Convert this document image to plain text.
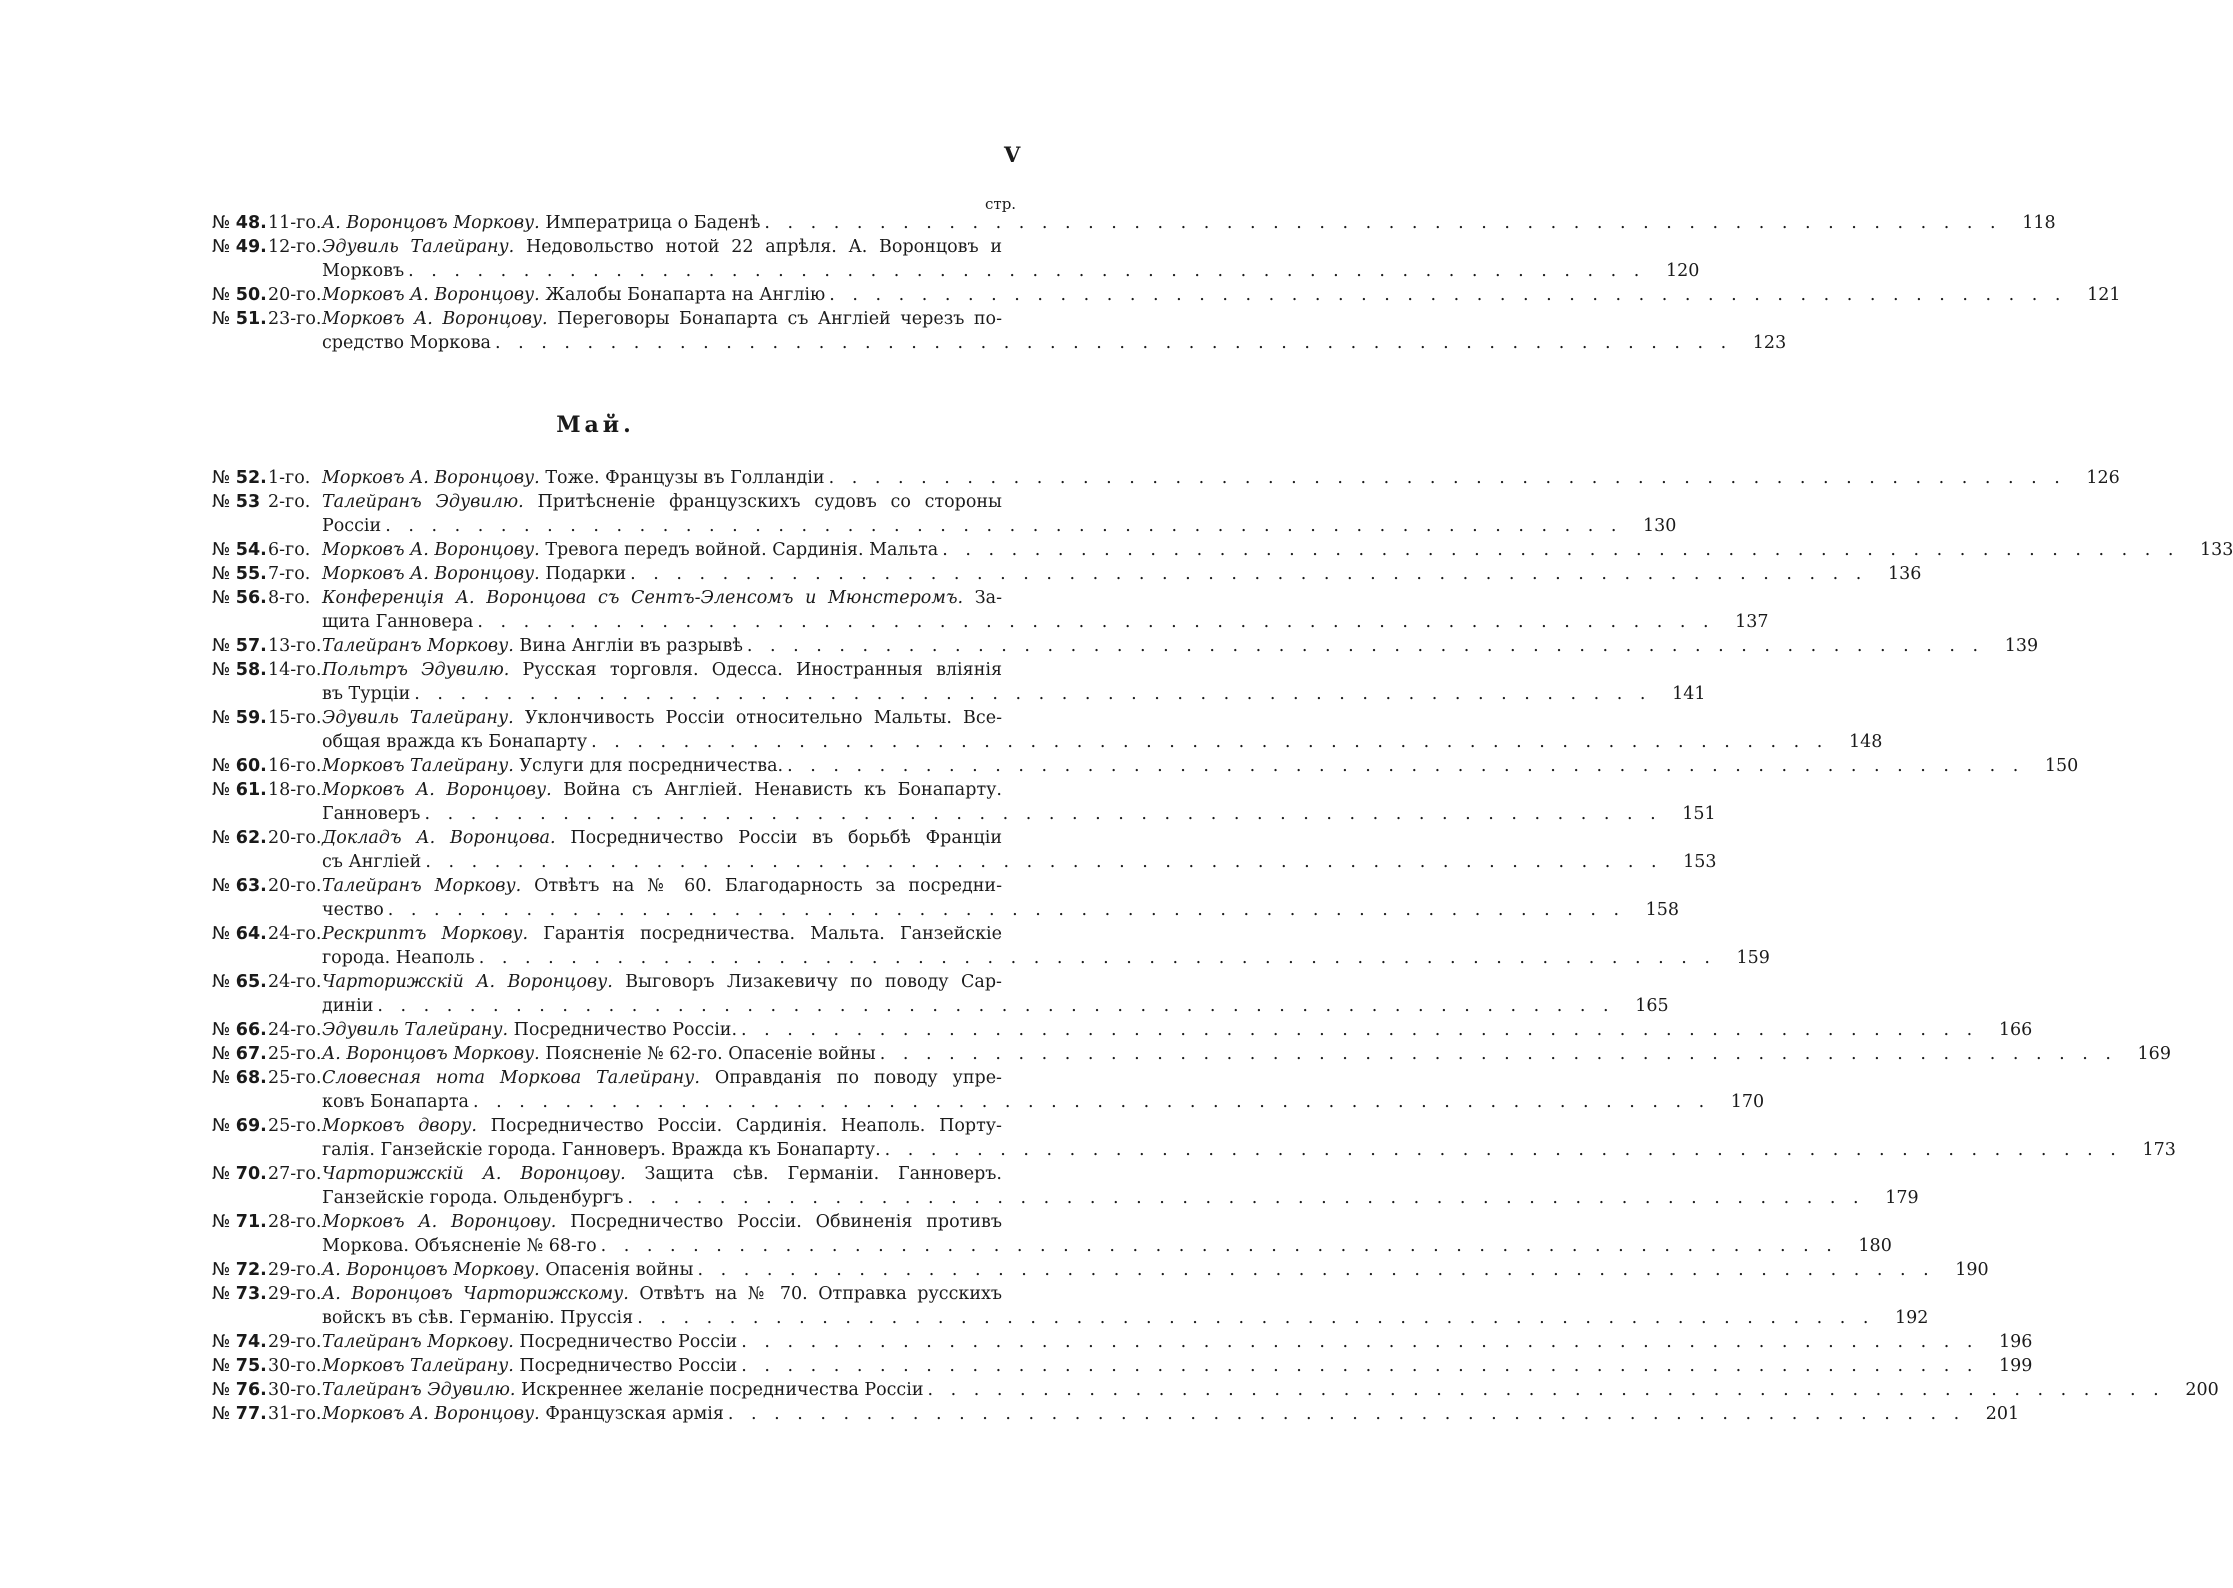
V
стр.
№ 48. 11-го. А. Воронцовъ Моркову. Императрица о Баденѣ . . . . . . . . . . . . . . . . . . . . . . . . . . . . . . . . . . . . . . . . . . . . . . . . . . . . . .	118
№ 49. 12-го. Эдувиль Талейрану. Недовольство нотой 22 апрѣля. А. Воронцовъ и
Морковъ . . . . . . . . . . . . . . . . . . . . . . . . . . . . . . . . . . . . . . . . . . . . . . . . . . . . . .	120
№ 50. 20-го. Морковъ А. Воронцову. Жалобы Бонапарта на Англію . . . . . . . . . . . . . . . . . . . . . . . . . . . . . . . . . . . . . . . . . . . . . . . . . . . . . .	121
№ 51. 23-го. Морковъ А. Воронцову. Переговоры Бонапарта съ Англіей черезъ по-
средство Моркова . . . . . . . . . . . . . . . . . . . . . . . . . . . . . . . . . . . . . . . . . . . . . . . . . . . . . .	123
Май.
№ 52. 1-го. Морковъ А. Воронцову. Тоже. Французы въ Голландіи . . . . . . . . . . . . . . . . . . . . . . . . . . . . . . . . . . . . . . . . . . . . . . . . . . . . . .	126
№ 53 2-го. Талейранъ Эдувилю. Притѣсненіе французскихъ судовъ со стороны
Россіи . . . . . . . . . . . . . . . . . . . . . . . . . . . . . . . . . . . . . . . . . . . . . . . . . . . . . .	130
№ 54. 6-го. Морковъ А. Воронцову. Тревога передъ войной. Сардинія. Мальта . . . . . . . . . . . . . . . . . . . . . . . . . . . . . . . . . . . . . . . . . . . . . . . . . . . . . .	133
№ 55. 7-го. Морковъ А. Воронцову. Подарки . . . . . . . . . . . . . . . . . . . . . . . . . . . . . . . . . . . . . . . . . . . . . . . . . . . . . .	136
№ 56. 8-го. Конференція А. Воронцова съ Сентъ-Эленсомъ и Мюнстеромъ. За-
щита Ганновера . . . . . . . . . . . . . . . . . . . . . . . . . . . . . . . . . . . . . . . . . . . . . . . . . . . . . .	137
№ 57. 13-го. Талейранъ Моркову. Вина Англіи въ разрывѣ . . . . . . . . . . . . . . . . . . . . . . . . . . . . . . . . . . . . . . . . . . . . . . . . . . . . . .	139
№ 58. 14-го. Польтръ Эдувилю. Русская торговля. Одесса. Иностранныя вліянія
въ Турціи . . . . . . . . . . . . . . . . . . . . . . . . . . . . . . . . . . . . . . . . . . . . . . . . . . . . . .	141
№ 59. 15-го. Эдувиль Талейрану. Уклончивость Россіи относительно Мальты. Все-
общая вражда къ Бонапарту . . . . . . . . . . . . . . . . . . . . . . . . . . . . . . . . . . . . . . . . . . . . . . . . . . . . . .	148
№ 60. 16-го. Морковъ Талейрану. Услуги для посредничества. . . . . . . . . . . . . . . . . . . . . . . . . . . . . . . . . . . . . . . . . . . . . . . . . . . . . . .	150
№ 61. 18-го. Морковъ А. Воронцову. Война съ Англіей. Ненависть къ Бонапарту.
Ганноверъ . . . . . . . . . . . . . . . . . . . . . . . . . . . . . . . . . . . . . . . . . . . . . . . . . . . . . .	151
№ 62. 20-го. Докладъ А. Воронцова. Посредничество Россіи въ борьбѣ Франціи
съ Англіей . . . . . . . . . . . . . . . . . . . . . . . . . . . . . . . . . . . . . . . . . . . . . . . . . . . . . .	153
№ 63. 20-го. Талейранъ Моркову. Отвѣтъ на № 60. Благодарность за посредни-
чество . . . . . . . . . . . . . . . . . . . . . . . . . . . . . . . . . . . . . . . . . . . . . . . . . . . . . .	158
№ 64. 24-го. Рескриптъ Моркову. Гарантія посредничества. Мальта. Ганзейскіе
города. Неаполь . . . . . . . . . . . . . . . . . . . . . . . . . . . . . . . . . . . . . . . . . . . . . . . . . . . . . .	159
№ 65. 24-го. Чарторижскій А. Воронцову. Выговоръ Лизакевичу по поводу Сар-
диніи . . . . . . . . . . . . . . . . . . . . . . . . . . . . . . . . . . . . . . . . . . . . . . . . . . . . . .	165
№ 66. 24-го. Эдувиль Талейрану. Посредничество Россіи. . . . . . . . . . . . . . . . . . . . . . . . . . . . . . . . . . . . . . . . . . . . . . . . . . . . . . .	166
№ 67. 25-го. А. Воронцовъ Моркову. Поясненіе № 62-го. Опасеніе войны . . . . . . . . . . . . . . . . . . . . . . . . . . . . . . . . . . . . . . . . . . . . . . . . . . . . . .	169
№ 68. 25-го. Словесная нота Моркова Талейрану. Оправданія по поводу упре-
ковъ Бонапарта . . . . . . . . . . . . . . . . . . . . . . . . . . . . . . . . . . . . . . . . . . . . . . . . . . . . . .	170
№ 69. 25-го. Морковъ двору. Посредничество Россіи. Сардинія. Неаполь. Порту-
галія. Ганзейскіе города. Ганноверъ. Вражда къ Бонапарту. . . . . . . . . . . . . . . . . . . . . . . . . . . . . . . . . . . . . . . . . . . . . . . . . . . . . . .	173
№ 70. 27-го. Чарторижскій А. Воронцову. Защита сѣв. Германіи. Ганноверъ.
Ганзейскіе города. Ольденбургъ . . . . . . . . . . . . . . . . . . . . . . . . . . . . . . . . . . . . . . . . . . . . . . . . . . . . . .	179
№ 71. 28-го. Морковъ А. Воронцову. Посредничество Россіи. Обвиненія противъ
Моркова. Объясненіе № 68-го . . . . . . . . . . . . . . . . . . . . . . . . . . . . . . . . . . . . . . . . . . . . . . . . . . . . . .	180
№ 72. 29-го. А. Воронцовъ Моркову. Опасенія войны . . . . . . . . . . . . . . . . . . . . . . . . . . . . . . . . . . . . . . . . . . . . . . . . . . . . . .	190
№ 73. 29-го. А. Воронцовъ Чарторижскому. Отвѣтъ на № 70. Отправка русскихъ
войскъ въ сѣв. Германію. Пруссія . . . . . . . . . . . . . . . . . . . . . . . . . . . . . . . . . . . . . . . . . . . . . . . . . . . . . .	192
№ 74. 29-го. Талейранъ Моркову. Посредничество Россіи . . . . . . . . . . . . . . . . . . . . . . . . . . . . . . . . . . . . . . . . . . . . . . . . . . . . . .	196
№ 75. 30-го. Морковъ Талейрану. Посредничество Россіи . . . . . . . . . . . . . . . . . . . . . . . . . . . . . . . . . . . . . . . . . . . . . . . . . . . . . .	199
№ 76. 30-го. Талейранъ Эдувилю. Искреннее желаніе посредничества Россіи . . . . . . . . . . . . . . . . . . . . . . . . . . . . . . . . . . . . . . . . . . . . . . . . . . . . . .	200
№ 77. 31-го. Морковъ А. Воронцову. Французская армія . . . . . . . . . . . . . . . . . . . . . . . . . . . . . . . . . . . . . . . . . . . . . . . . . . . . . .	201
